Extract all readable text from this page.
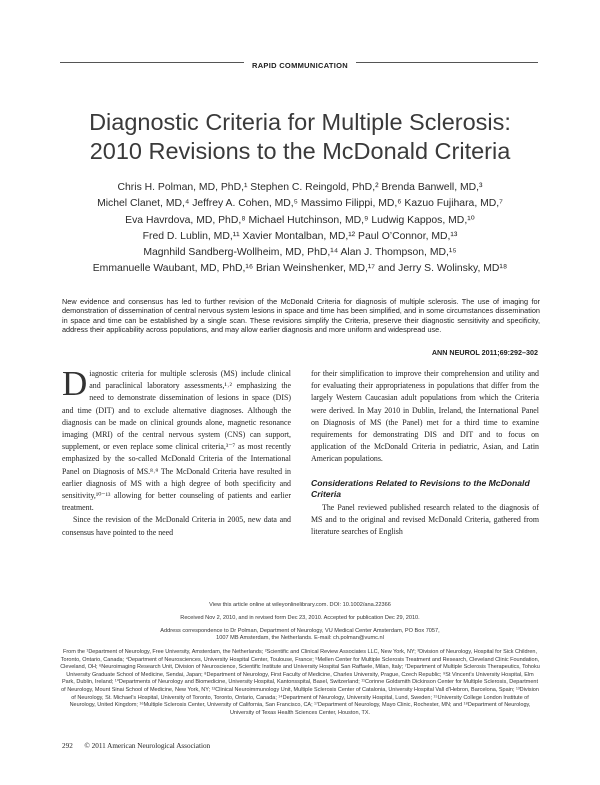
RAPID COMMUNICATION
Diagnostic Criteria for Multiple Sclerosis:
2010 Revisions to the McDonald Criteria
Chris H. Polman, MD, PhD,¹ Stephen C. Reingold, PhD,² Brenda Banwell, MD,³
Michel Clanet, MD,⁴ Jeffrey A. Cohen, MD,⁵ Massimo Filippi, MD,⁶ Kazuo Fujihara, MD,⁷
Eva Havrdova, MD, PhD,⁸ Michael Hutchinson, MD,⁹ Ludwig Kappos, MD,¹⁰
Fred D. Lublin, MD,¹¹ Xavier Montalban, MD,¹² Paul O’Connor, MD,¹³
Magnhild Sandberg-Wollheim, MD, PhD,¹⁴ Alan J. Thompson, MD,¹⁵
Emmanuelle Waubant, MD, PhD,¹⁶ Brian Weinshenker, MD,¹⁷ and Jerry S. Wolinsky, MD¹⁸

New evidence and consensus has led to further revision of the McDonald Criteria for diagnosis of multiple sclerosis. The use of imaging for demonstration of dissemination of central nervous system lesions in space and time has been simplified, and in some circumstances dissemination in space and time can be established by a single scan. These revisions simplify the Criteria, preserve their diagnostic sensitivity and specificity, address their applicability across populations, and may allow earlier diagnosis and more uniform and widespread use.

ANN NEUROL 2011;69:292–302

Diagnostic criteria for multiple sclerosis (MS) include clinical and paraclinical laboratory assessments,¹˒² emphasizing the need to demonstrate dissemination of lesions in space (DIS) and time (DIT) and to exclude alternative diagnoses. Although the diagnosis can be made on clinical grounds alone, magnetic resonance imaging (MRI) of the central nervous system (CNS) can support, supplement, or even replace some clinical criteria,³⁻⁷ as most recently emphasized by the so-called McDonald Criteria of the International Panel on Diagnosis of MS.⁸˒⁹ The McDonald Criteria have resulted in earlier diagnosis of MS with a high degree of both specificity and sensitivity,¹⁰⁻¹³ allowing for better counseling of patients and earlier treatment.

Since the revision of the McDonald Criteria in 2005, new data and consensus have pointed to the need

for their simplification to improve their comprehension and utility and for evaluating their appropriateness in populations that differ from the largely Western Caucasian adult populations from which the Criteria were derived. In May 2010 in Dublin, Ireland, the International Panel on Diagnosis of MS (the Panel) met for a third time to examine requirements for demonstrating DIS and DIT and to focus on application of the McDonald Criteria in pediatric, Asian, and Latin American populations.

Considerations Related to Revisions to the McDonald Criteria

The Panel reviewed published research related to the diagnosis of MS and to the original and revised McDonald Criteria, gathered from literature searches of English

View this article online at wileyonlinelibrary.com. DOI: 10.1002/ana.22366
Received Nov 2, 2010, and in revised form Dec 23, 2010. Accepted for publication Dec 29, 2010.
Address correspondence to Dr Polman, Department of Neurology, VU Medical Center Amsterdam, PO Box 7057,
1007 MB Amsterdam, the Netherlands. E-mail: ch.polman@vumc.nl
From the ¹Department of Neurology, Free University, Amsterdam, the Netherlands; ²Scientific and Clinical Review Associates LLC, New York, NY; ³Division of Neurology, Hospital for Sick Children, Toronto, Ontario, Canada; ⁴Department of Neurosciences, University Hospital Center, Toulouse, France; ⁵Mellen Center for Multiple Sclerosis Treatment and Research, Cleveland Clinic Foundation, Cleveland, OH; ⁶Neuroimaging Research Unit, Division of Neuroscience, Scientific Institute and University Hospital San Raffaele, Milan, Italy; ⁷Department of Multiple Sclerosis Therapeutics, Tohoku University Graduate School of Medicine, Sendai, Japan; ⁸Department of Neurology, First Faculty of Medicine, Charles University, Prague, Czech Republic; ⁹St Vincent’s University Hospital, Elm Park, Dublin, Ireland; ¹⁰Departments of Neurology and Biomedicine, University Hospital, Kantonsspital, Basel, Switzerland; ¹¹Corinne Goldsmith Dickinson Center for Multiple Sclerosis, Department of Neurology, Mount Sinai School of Medicine, New York, NY; ¹²Clinical Neuroimmunology Unit, Multiple Sclerosis Center of Catalonia, University Hospital Vall d’Hebron, Barcelona, Spain; ¹³Division of Neurology, St. Michael’s Hospital, University of Toronto, Toronto, Ontario, Canada; ¹⁴Department of Neurology, University Hospital, Lund, Sweden; ¹⁵University College London Institute of Neurology, United Kingdom; ¹⁶Multiple Sclerosis Center, University of California, San Francisco, CA; ¹⁷Department of Neurology, Mayo Clinic, Rochester, MN; and ¹⁸Department of Neurology, University of Texas Health Sciences Center, Houston, TX.
292 © 2011 American Neurological Association
